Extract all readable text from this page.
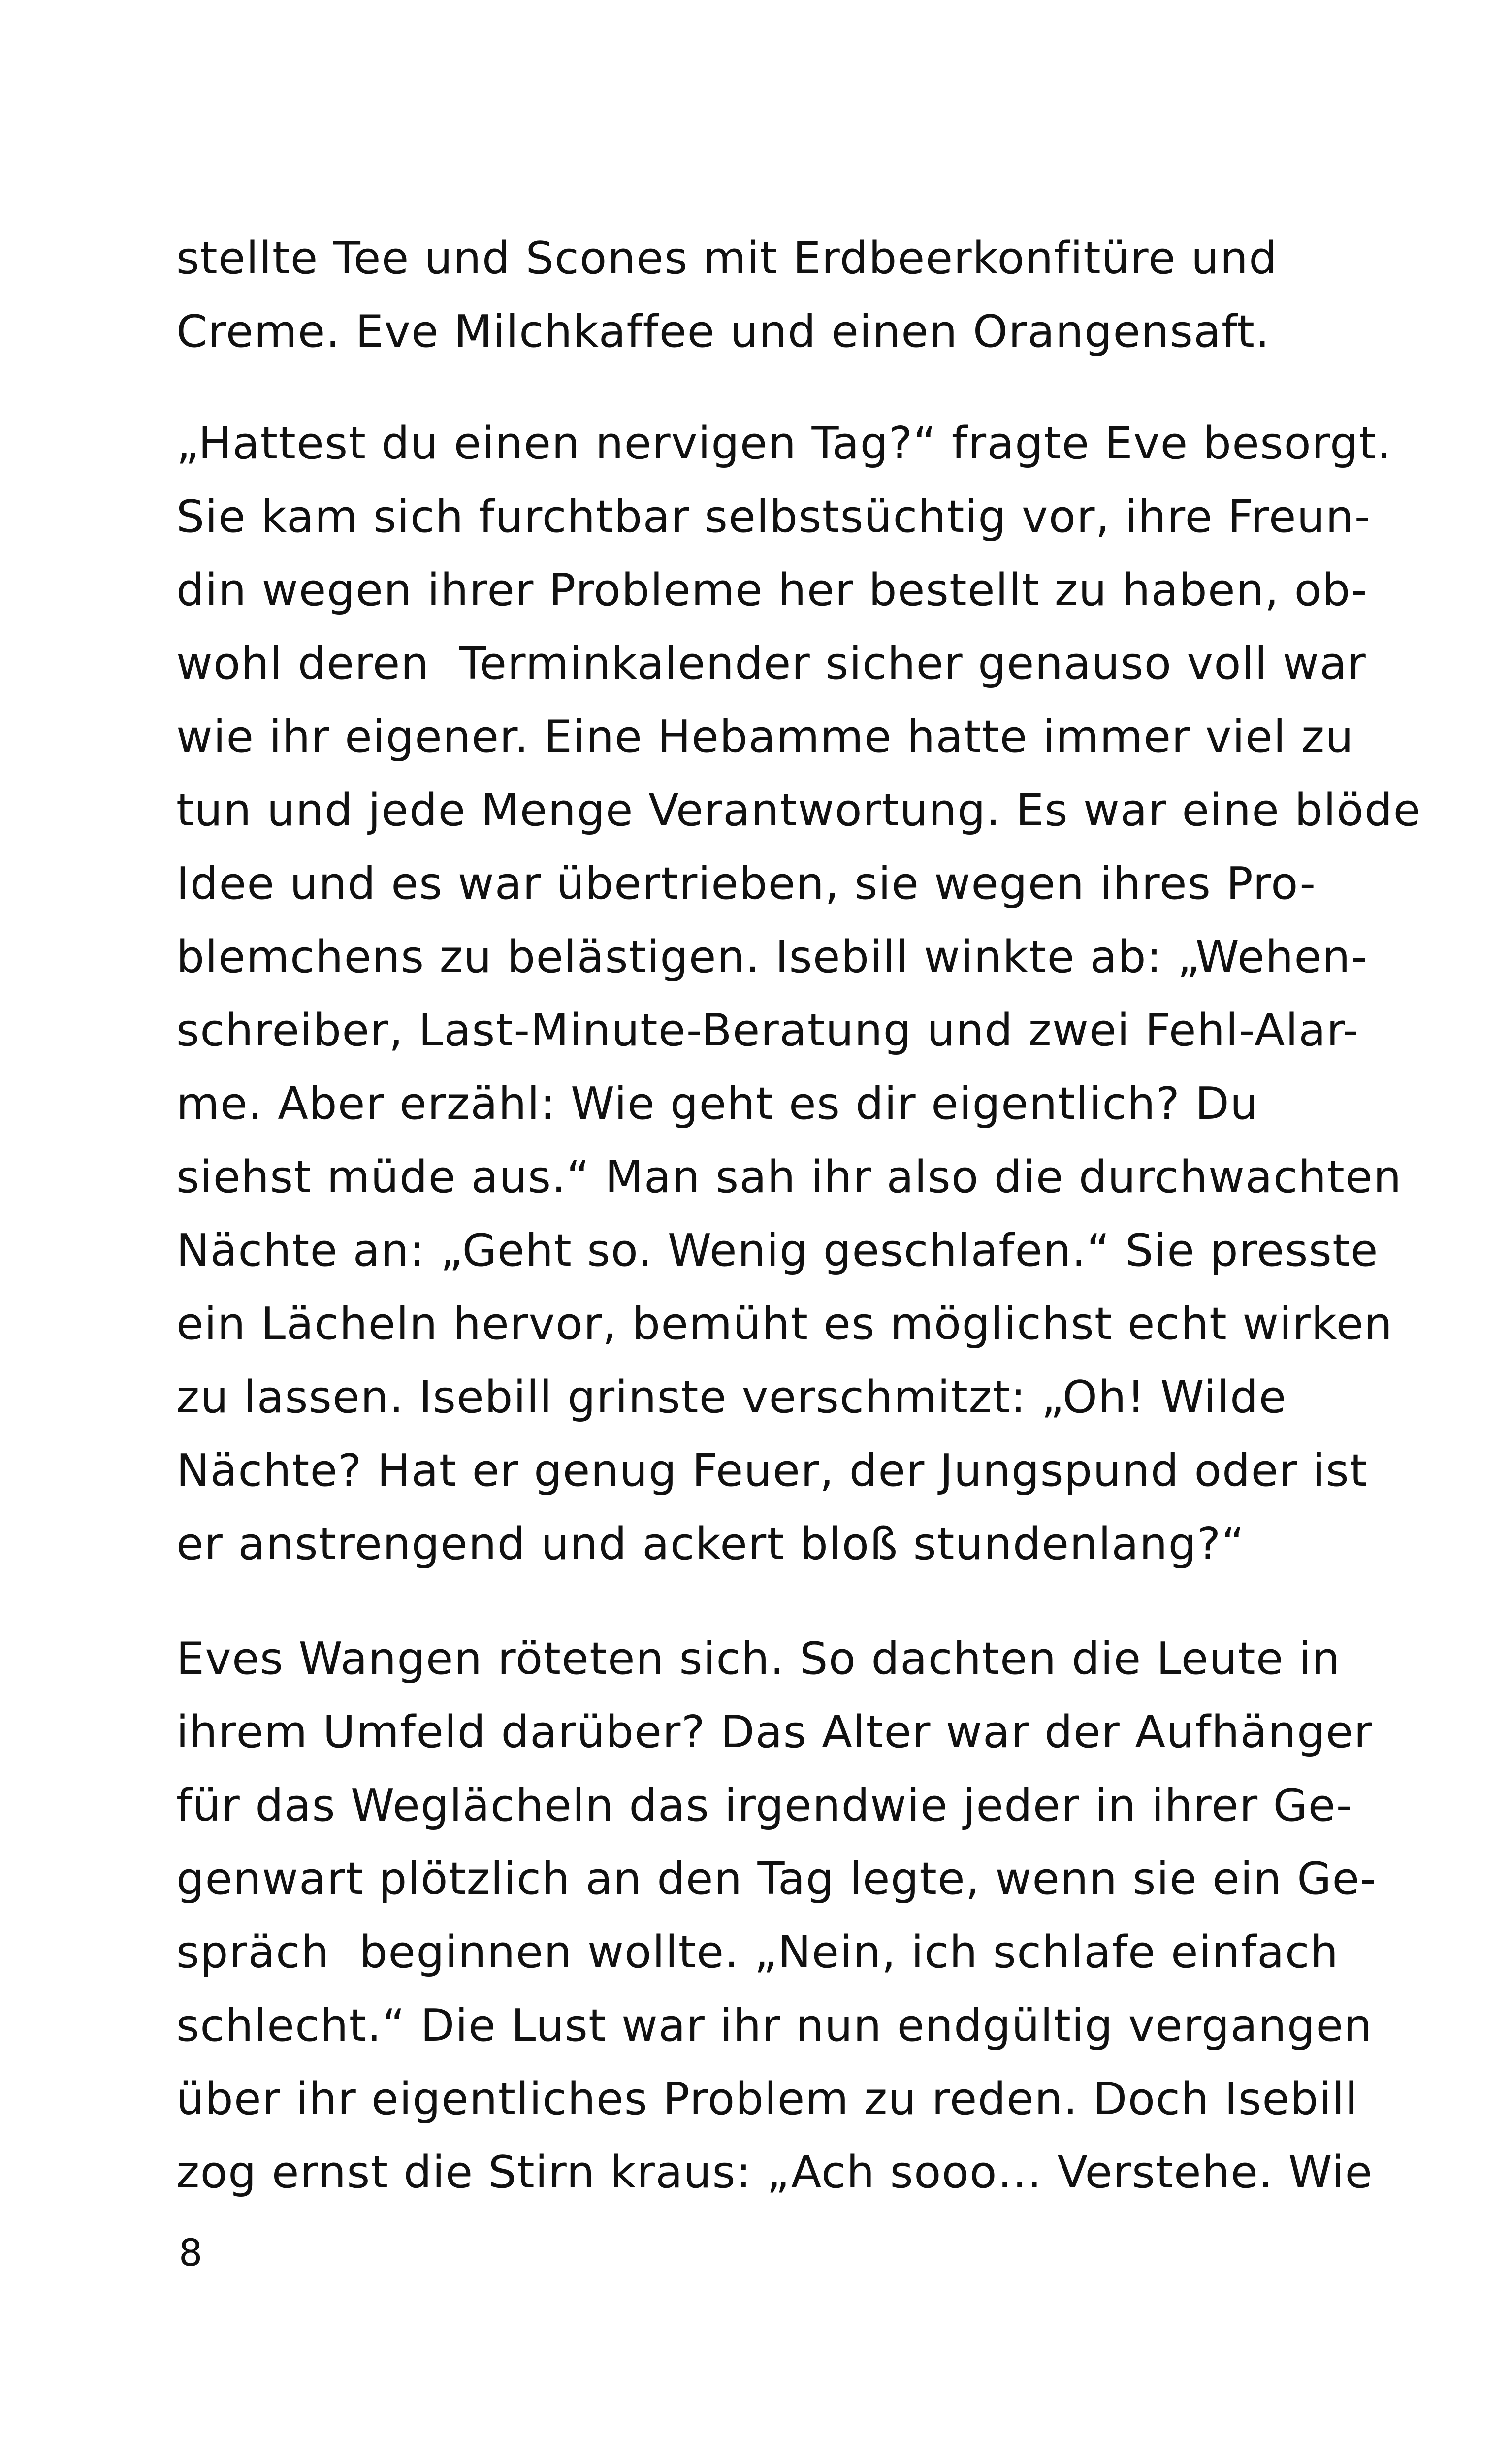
stellte Tee und Scones mit Erdbeerkonfitüre und
Creme. Eve Milchkaffee und einen Orangensaft.
„Hattest du einen nervigen Tag?“ fragte Eve besorgt.
Sie kam sich furchtbar selbstsüchtig vor, ihre Freun-
din wegen ihrer Probleme her bestellt zu haben, ob-
wohl deren  Terminkalender sicher genauso voll war
wie ihr eigener. Eine Hebamme hatte immer viel zu
tun und jede Menge Verantwortung. Es war eine blöde
Idee und es war übertrieben, sie wegen ihres Pro-
blemchens zu belästigen. Isebill winkte ab: „Wehen-
schreiber, Last-Minute-Beratung und zwei Fehl-Alar-
me. Aber erzähl: Wie geht es dir eigentlich? Du
siehst müde aus.“ Man sah ihr also die durchwachten
Nächte an: „Geht so. Wenig geschlafen.“ Sie presste
ein Lächeln hervor, bemüht es möglichst echt wirken
zu lassen. Isebill grinste verschmitzt: „Oh! Wilde
Nächte? Hat er genug Feuer, der Jungspund oder ist
er anstrengend und ackert bloß stundenlang?“
Eves Wangen röteten sich. So dachten die Leute in
ihrem Umfeld darüber? Das Alter war der Aufhänger
für das Weglächeln das irgendwie jeder in ihrer Ge-
genwart plötzlich an den Tag legte, wenn sie ein Ge-
spräch  beginnen wollte. „Nein, ich schlafe einfach
schlecht.“ Die Lust war ihr nun endgültig vergangen
über ihr eigentliches Problem zu reden. Doch Isebill
zog ernst die Stirn kraus: „Ach sooo… Verstehe. Wie
8
